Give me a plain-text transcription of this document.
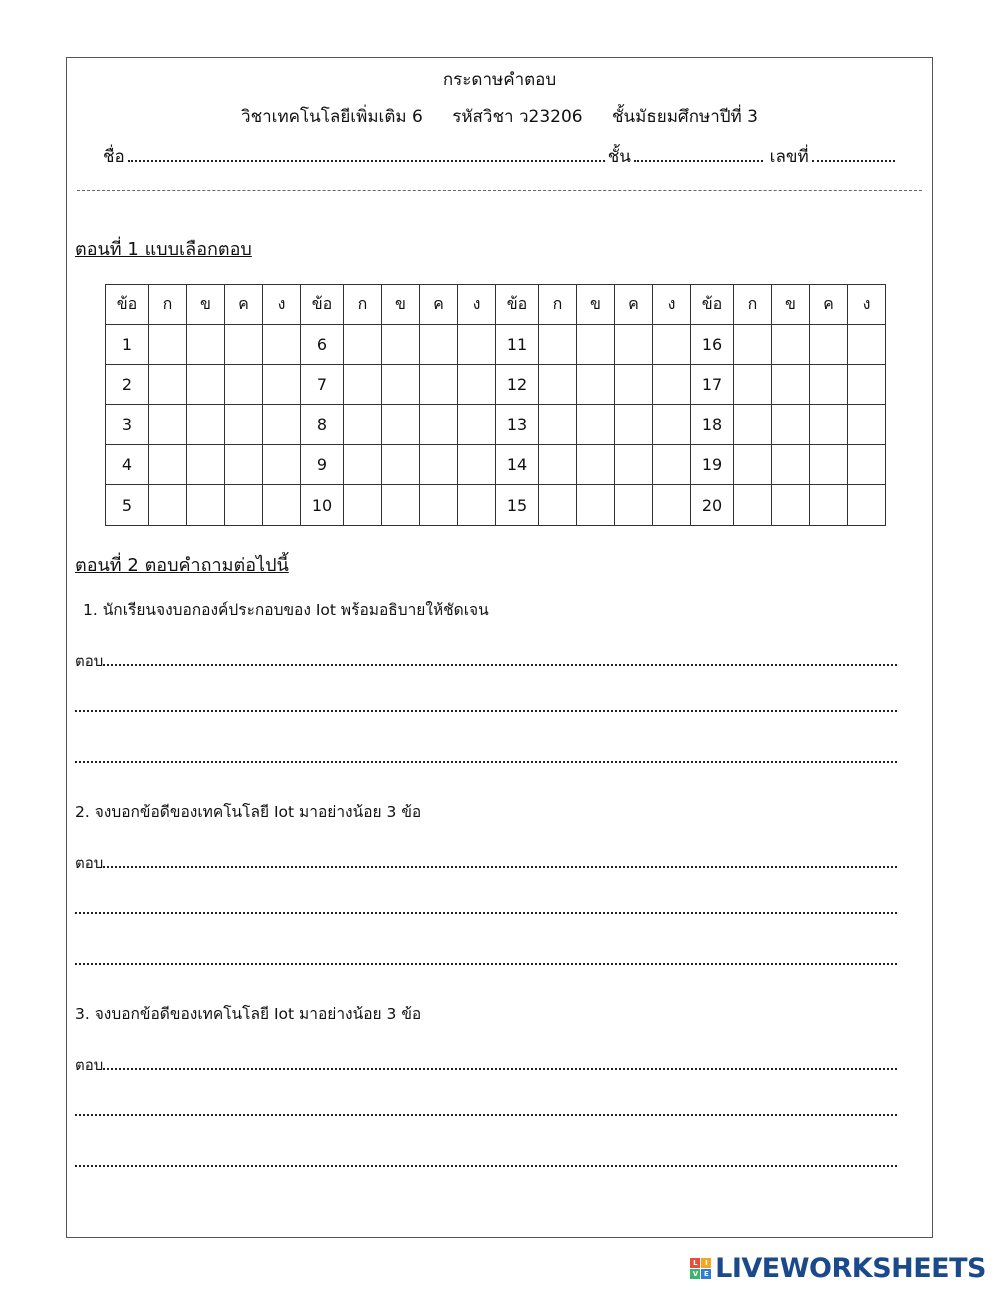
กระดาษคำตอบ
วิชาเทคโนโลยีเพิ่มเติม 6 รหัสวิชา ว23206 ชั้นมัธยมศึกษาปีที่ 3
ชื่อ	ชั้น	เลขที่
ตอนที่ 1 แบบเลือกตอบ
ข้อ	ก	ข	ค	ง	ข้อ	ก	ข	ค	ง	ข้อ	ก	ข	ค	ง	ข้อ	ก	ข	ค	ง
1					6					11					16				
2					7					12					17				
3					8					13					18				
4					9					14					19				
5					10					15					20				
ตอนที่ 2 ตอบคำถามต่อไปนี้
1. นักเรียนจงบอกองค์ประกอบของ Iot พร้อมอธิบายให้ชัดเจน
ตอบ
2. จงบอกข้อดีของเทคโนโลยี Iot มาอย่างน้อย 3 ข้อ
ตอบ
3. จงบอกข้อดีของเทคโนโลยี Iot มาอย่างน้อย 3 ข้อ
ตอบ
L	I
V E LIVEWORKSHEETS
